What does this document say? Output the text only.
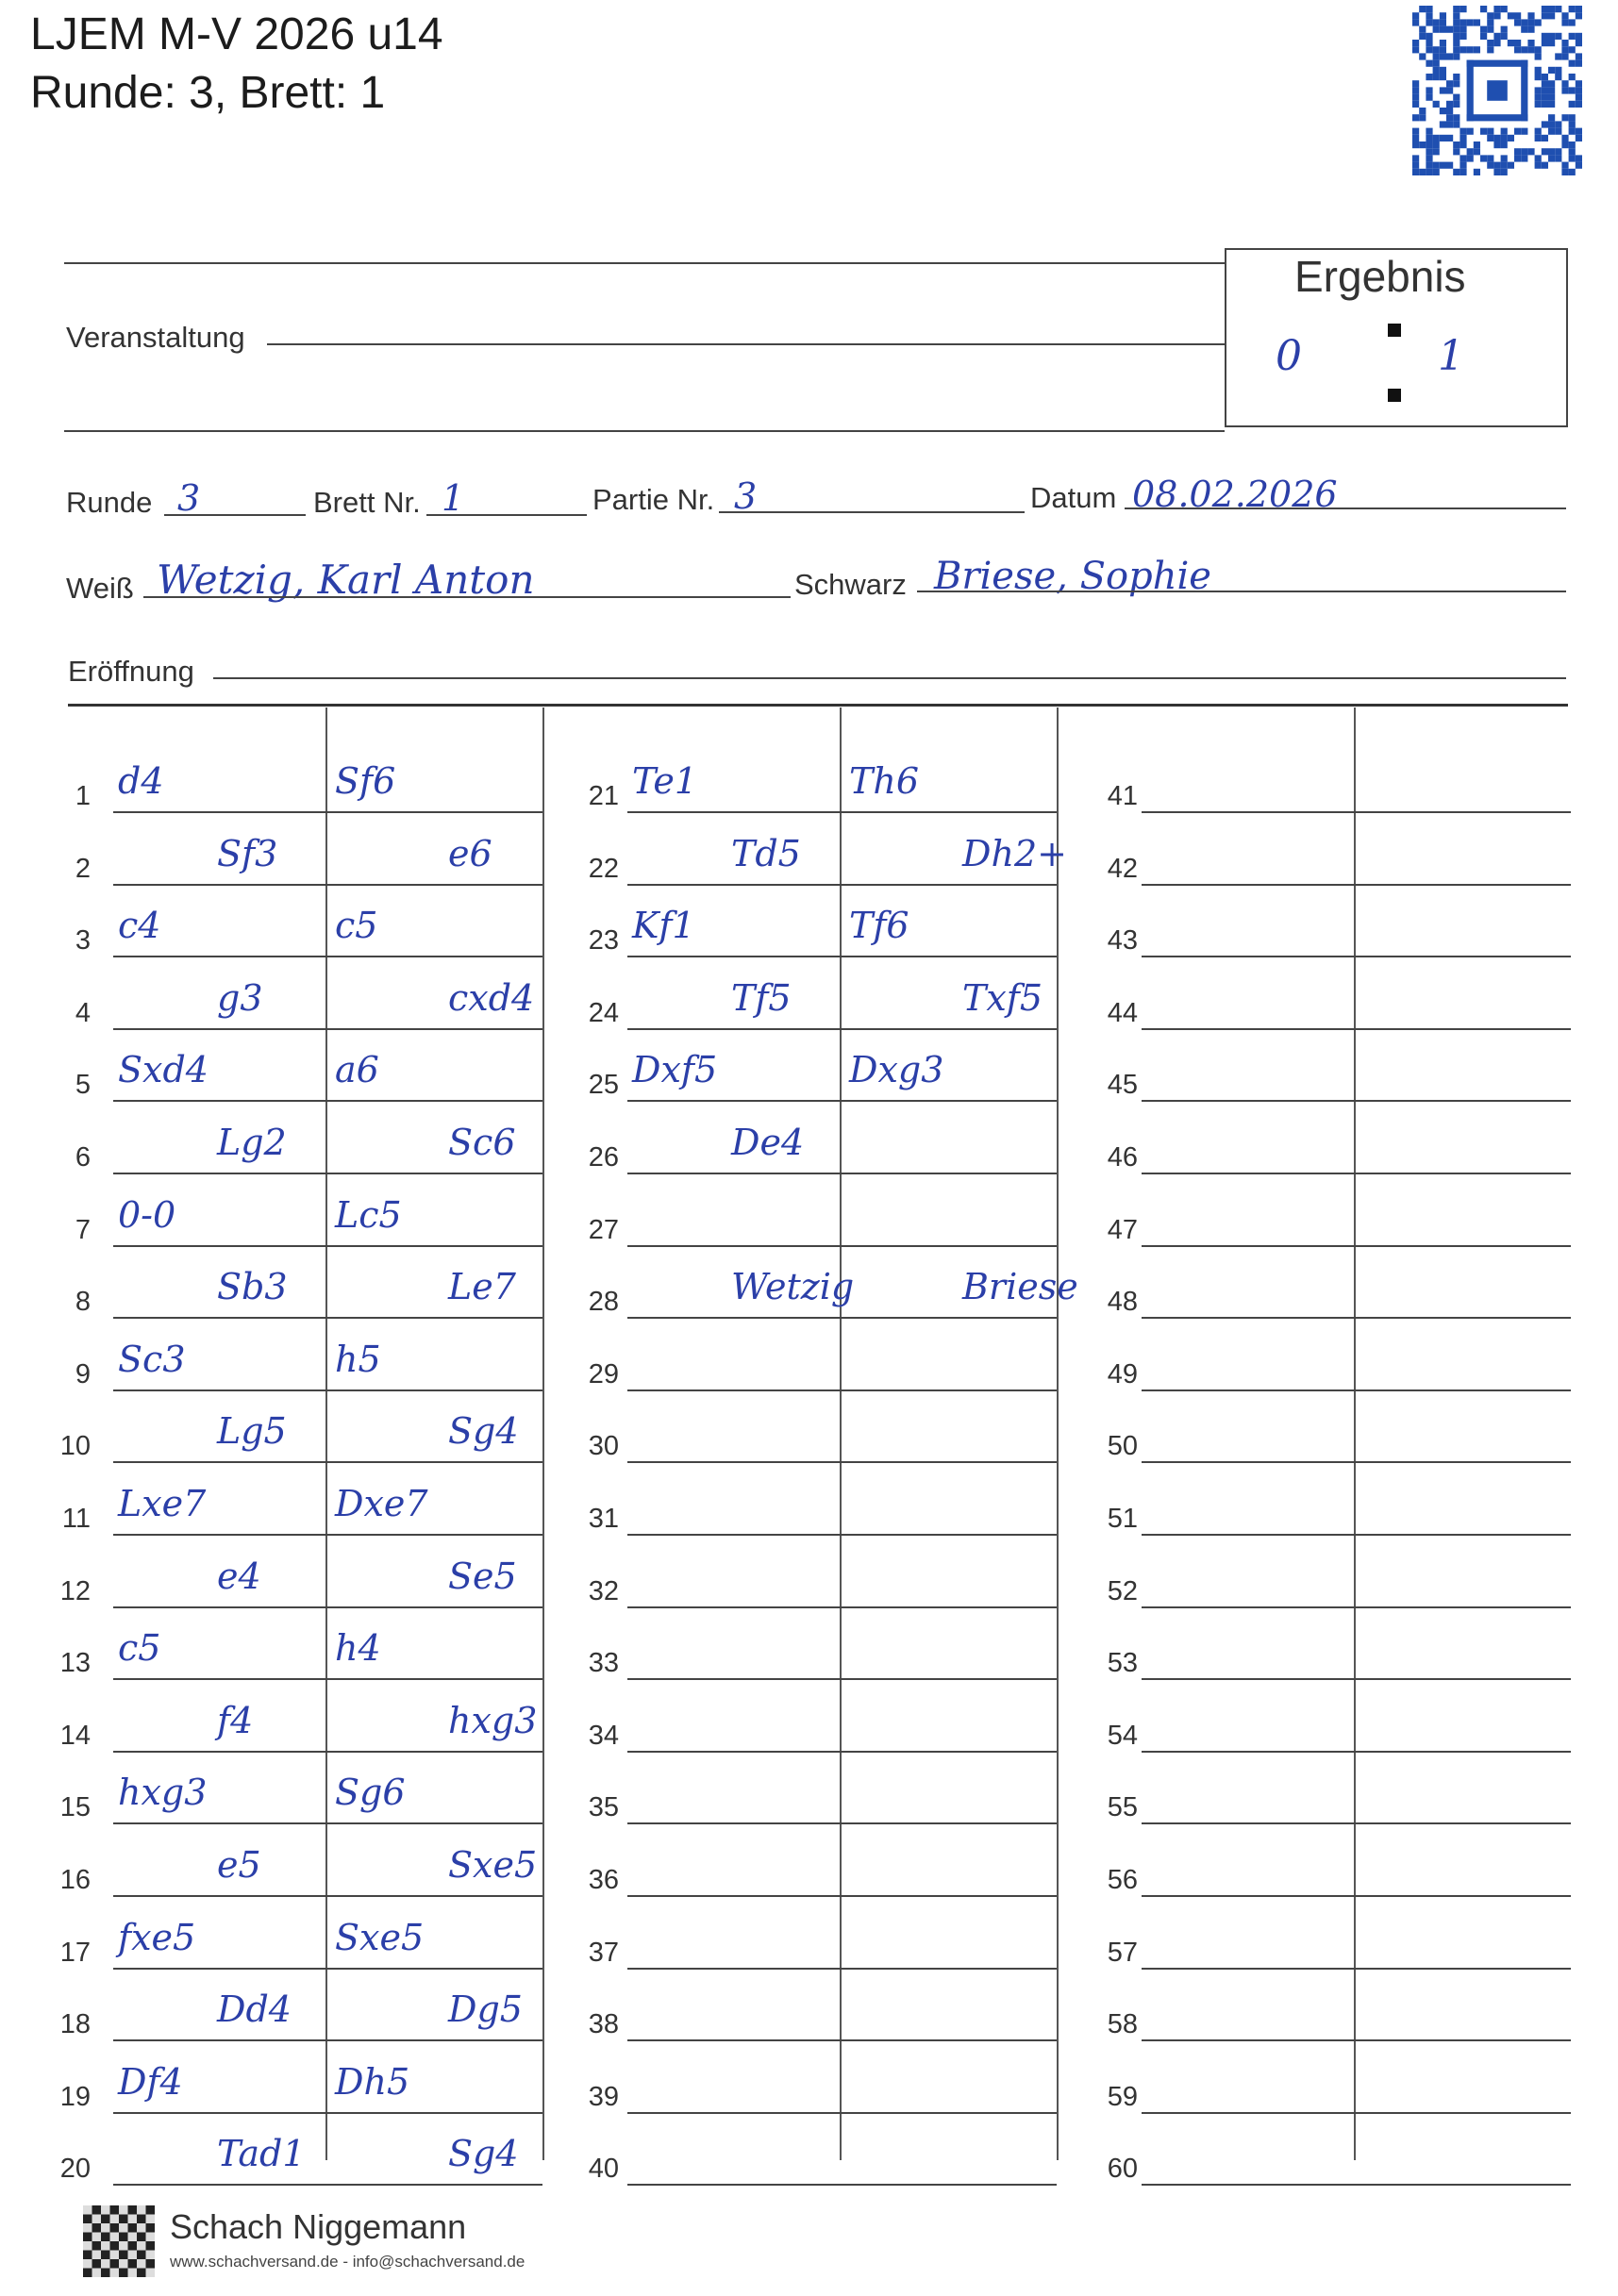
LJEM M-V 2026 u14
Runde: 3, Brett: 1
Veranstaltung
Ergebnis
0	1
Runde 3	Brett Nr. 1	Partie Nr. 3	Datum 08.02.2026
Weiß Wetzig, Karl Anton	Schwarz Briese, Sophie
Eröffnung
1 d4	Sf6
2	Sf3	e6
3 c4	c5
4	g3	cxd4
5 Sxd4	a6
6	Lg2	Sc6
7 0-0	Lc5
8	Sb3	Le7
9 Sc3	h5
10	Lg5	Sg4
11 Lxe7	Dxe7
12	e4	Se5
13 c5	h4
14	f4	hxg3
15 hxg3	Sg6
16	e5	Sxe5
17 fxe5	Sxe5
18	Dd4	Dg5
19 Df4	Dh5
20	Tad1	Sg4
21 Te1	Th6
22	Td5	Dh2+
23 Kf1	Tf6
24	Tf5	Txf5
25 Dxf5	Dxg3
26	De4
27
28	Wetzig	Briese
29
30
31
32
33
34
35
36
37
38
39
40
41
42
43
44
45
46
47
48
49
50
51
52
53
54
55
56
57
58
59
60
Schach Niggemann
www.schachversand.de - info@schachversand.de
